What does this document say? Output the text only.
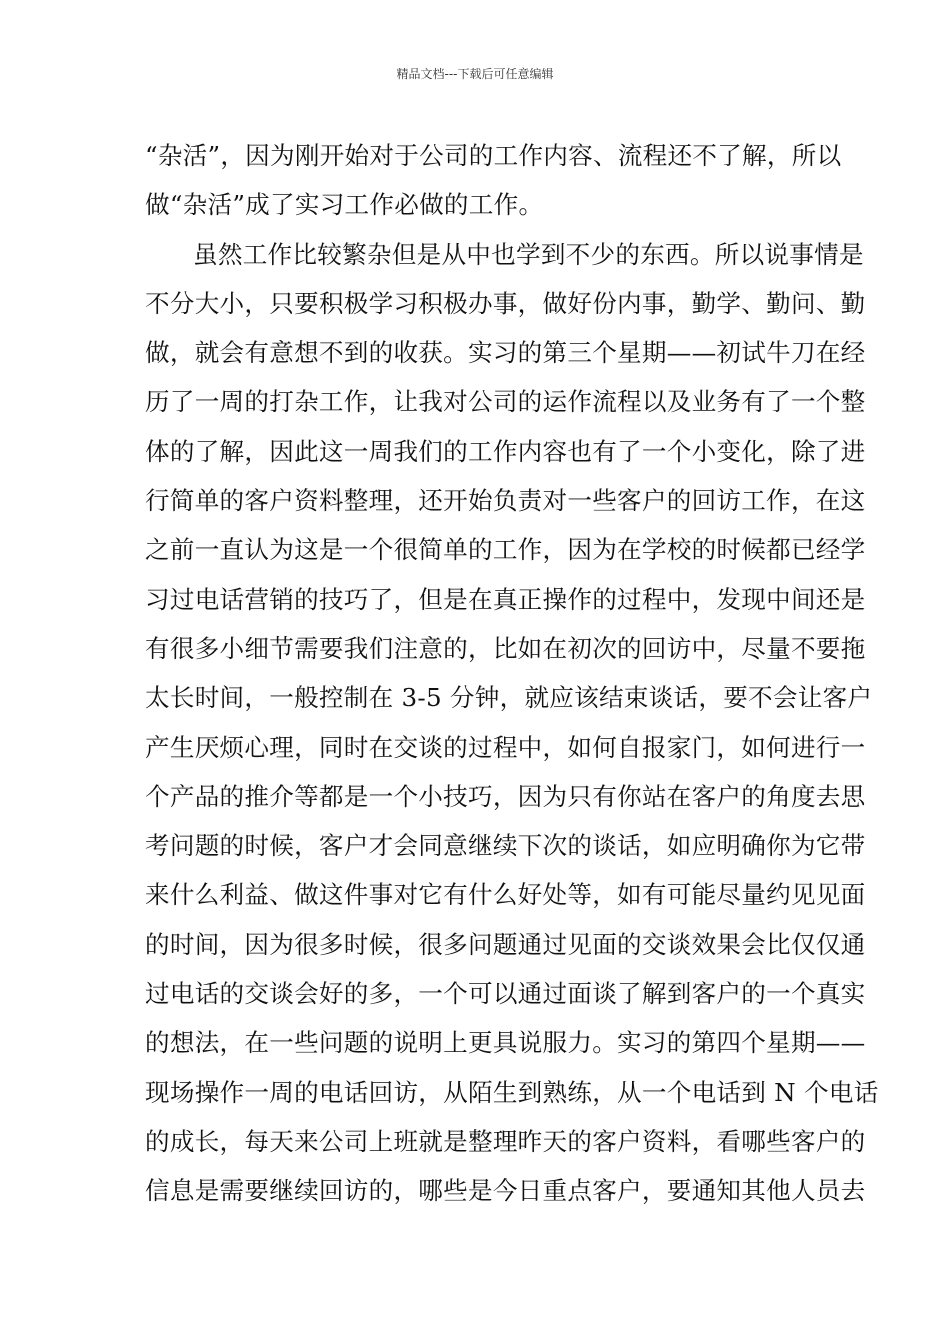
精品文档---下载后可任意编辑
“杂活”，因为刚开始对于公司的工作内容、流程还不了解，所以
做“杂活”成了实习工作必做的工作。
虽然工作比较繁杂但是从中也学到不少的东西。所以说事情是
不分大小，只要积极学习积极办事，做好份内事，勤学、勤问、勤
做，就会有意想不到的收获。实习的第三个星期——初试牛刀在经
历了一周的打杂工作，让我对公司的运作流程以及业务有了一个整
体的了解，因此这一周我们的工作内容也有了一个小变化，除了进
行简单的客户资料整理，还开始负责对一些客户的回访工作，在这
之前一直认为这是一个很简单的工作，因为在学校的时候都已经学
习过电话营销的技巧了，但是在真正操作的过程中，发现中间还是
有很多小细节需要我们注意的，比如在初次的回访中，尽量不要拖
太长时间，一般控制在 3-5 分钟，就应该结束谈话，要不会让客户
产生厌烦心理，同时在交谈的过程中，如何自报家门，如何进行一
个产品的推介等都是一个小技巧，因为只有你站在客户的角度去思
考问题的时候，客户才会同意继续下次的谈话，如应明确你为它带
来什么利益、做这件事对它有什么好处等，如有可能尽量约见见面
的时间，因为很多时候，很多问题通过见面的交谈效果会比仅仅通
过电话的交谈会好的多，一个可以通过面谈了解到客户的一个真实
的想法，在一些问题的说明上更具说服力。实习的第四个星期——
现场操作一周的电话回访，从陌生到熟练，从一个电话到 N 个电话
的成长，每天来公司上班就是整理昨天的客户资料，看哪些客户的
信息是需要继续回访的，哪些是今日重点客户，要通知其他人员去
